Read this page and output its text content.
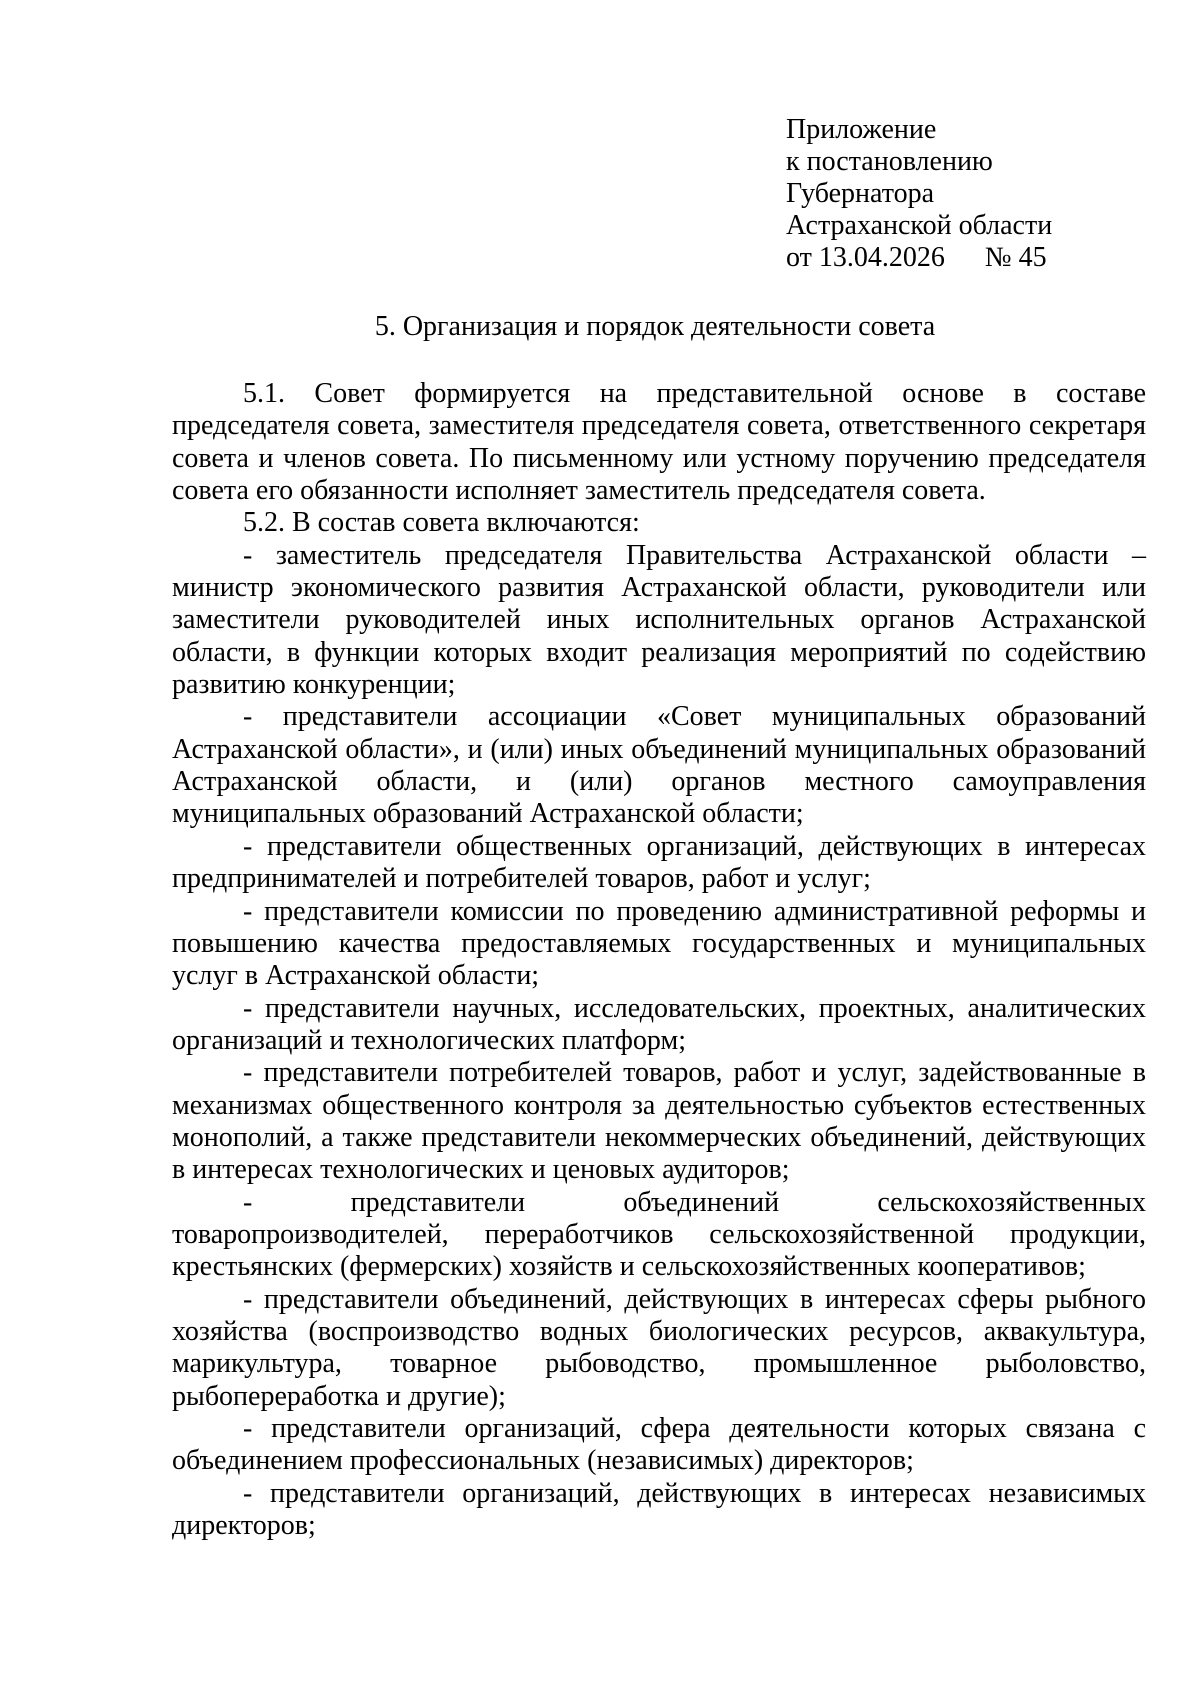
Приложение
к постановлению
Губернатора
Астраханской области
от 13.04.2026 № 45
5. Организация и порядок деятельности совета

5.1. Совет формируется на представительной основе в составе председателя совета, заместителя председателя совета, ответственного секретаря совета и членов совета. По письменному или устному поручению председателя совета его обязанности исполняет заместитель председателя совета.

5.2. В состав совета включаются:

- заместитель председателя Правительства Астраханской области – министр экономического развития Астраханской области, руководители или заместители руководителей иных исполнительных органов Астраханской области, в функции которых входит реализация мероприятий по содействию развитию конкуренции;

- представители ассоциации «Совет муниципальных образований Астраханской области», и (или) иных объединений муниципальных образований Астраханской области, и (или) органов местного самоуправления муниципальных образований Астраханской области;

- представители общественных организаций, действующих в интересах предпринимателей и потребителей товаров, работ и услуг;

- представители комиссии по проведению административной реформы и повышению качества предоставляемых государственных и муниципальных услуг в Астраханской области;

- представители научных, исследовательских, проектных, аналитических организаций и технологических платформ;

- представители потребителей товаров, работ и услуг, задействованные в механизмах общественного контроля за деятельностью субъектов естественных монополий, а также представители некоммерческих объединений, действующих в интересах технологических и ценовых аудиторов;

- представители объединений сельскохозяйственных товаропроизводителей, переработчиков сельскохозяйственной продукции, крестьянских (фермерских) хозяйств и сельскохозяйственных кооперативов;

- представители объединений, действующих в интересах сферы рыбного хозяйства (воспроизводство водных биологических ресурсов, аквакультура, марикультура, товарное рыбоводство, промышленное рыболовство, рыбопереработка и другие);

- представители организаций, сфера деятельности которых связана с объединением профессиональных (независимых) директоров;

- представители организаций, действующих в интересах независимых директоров;
